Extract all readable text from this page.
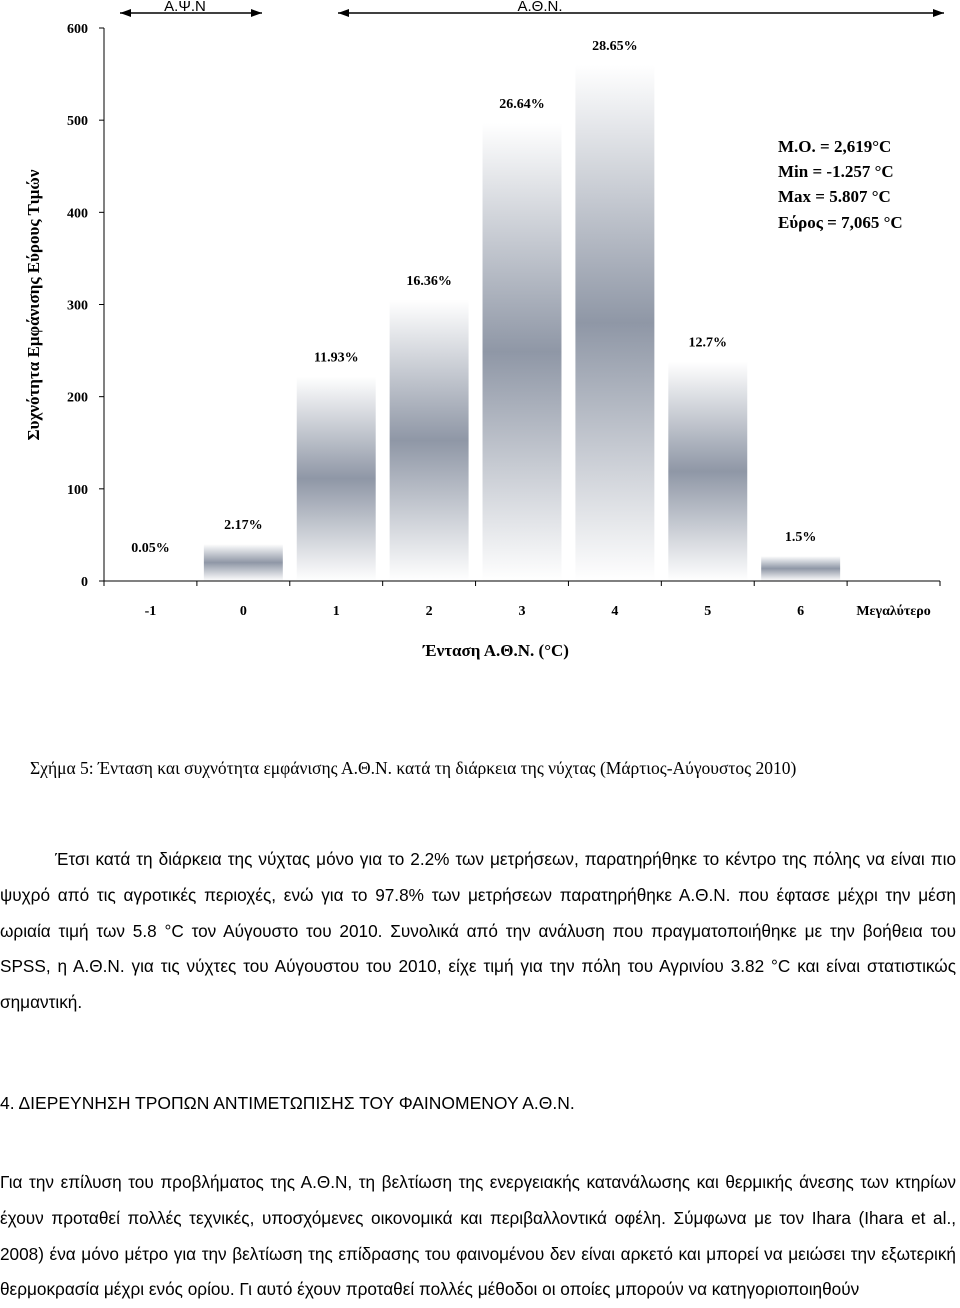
0
100
200
300
400
500
600
-1	0	1	2	3	4	5	6	Μεγαλύτερο
0.05%
2.17%
11.93%
16.36%
26.64%
28.65%
12.7%
1.5%
Ένταση Α.Θ.Ν. (°C)
Συχνότητα Εμφάνισης Εύρους Τιμών
Α.Ψ.Ν	Α.Θ.Ν.
Μ.Ο. = 2,619°C
Min = -1.257 °C
Max = 5.807 °C
Εύρος = 7,065 °C
Σχήμα 5: Ένταση και συχνότητα εμφάνισης Α.Θ.Ν. κατά τη διάρκεια της νύχτας (Μάρτιος-Αύγουστος 2010)
Έτσι κατά τη διάρκεια της νύχτας μόνο για το 2.2% των μετρήσεων, παρατηρήθηκε το κέντρο της πόλης να είναι πιο ψυχρό από τις αγροτικές περιοχές, ενώ για το 97.8% των μετρήσεων παρατηρήθηκε Α.Θ.Ν. που έφτασε μέχρι την μέση ωριαία τιμή των 5.8 °C τον Αύγουστο του 2010. Συνολικά από την ανάλυση που πραγματοποιήθηκε με την βοήθεια του SPSS, η Α.Θ.Ν. για τις νύχτες του Αύγουστου του 2010, είχε τιμή για την πόλη του Αγρινίου 3.82 °C και είναι στατιστικώς σημαντική.
4. ΔΙΕΡΕΥΝΗΣΗ ΤΡΟΠΩΝ ΑΝΤΙΜΕΤΩΠΙΣΗΣ ΤΟΥ ΦΑΙΝΟΜΕΝΟΥ Α.Θ.Ν.
Για την επίλυση του προβλήματος της Α.Θ.Ν, τη βελτίωση της ενεργειακής κατανάλωσης και θερμικής άνεσης των κτηρίων έχουν προταθεί πολλές τεχνικές, υποσχόμενες οικονομικά και περιβαλλοντικά οφέλη. Σύμφωνα με τον Ihara (Ihara et al., 2008) ένα μόνο μέτρο για την βελτίωση της επίδρασης του φαινομένου δεν είναι αρκετό και μπορεί να μειώσει την εξωτερική θερμοκρασία μέχρι ενός ορίου. Γι αυτό έχουν προταθεί πολλές μέθοδοι οι οποίες μπορούν να κατηγοριοποιηθούν
